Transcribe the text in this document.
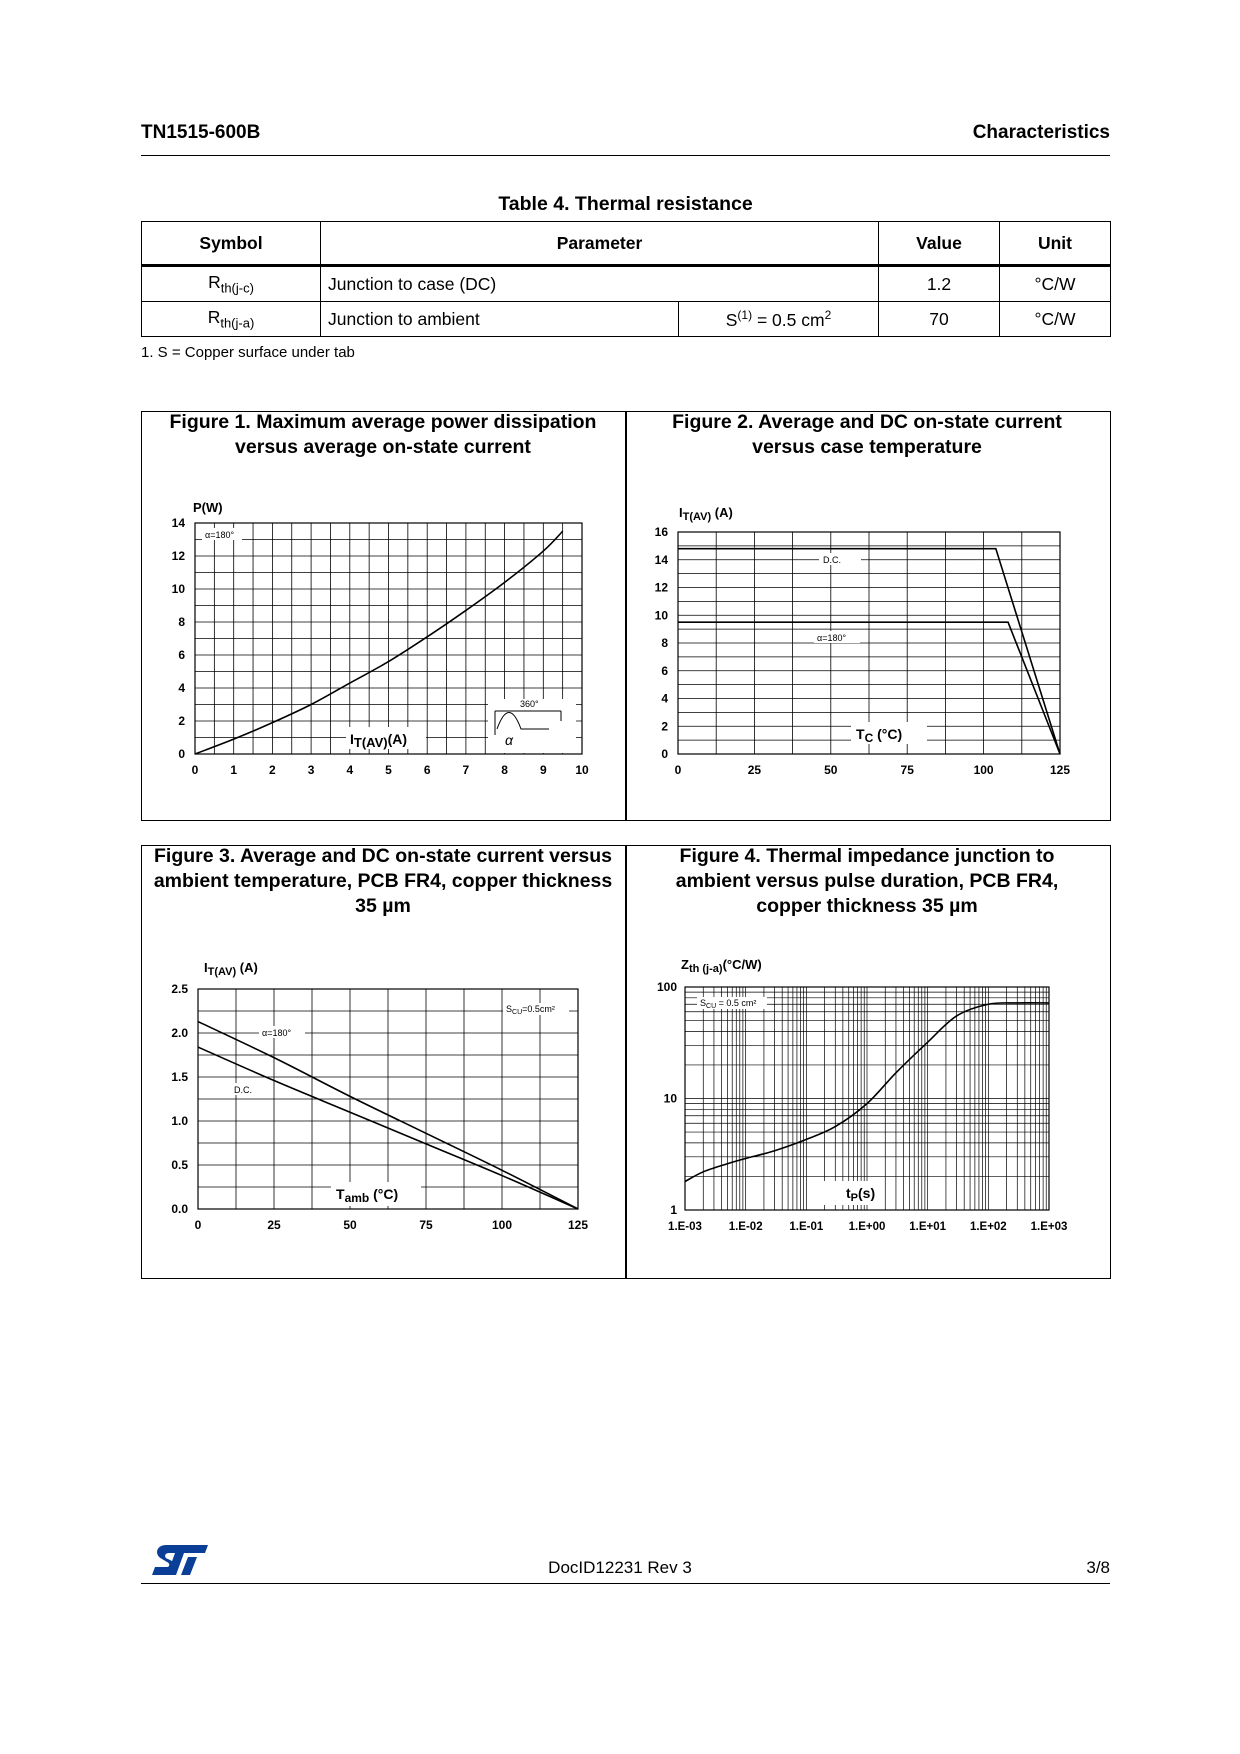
TN1515-600B	Characteristics
Table 4. Thermal resistance
Symbol	Parameter		Value	Unit
$R_{th(j-c)}$	Junction to case (DC)		1.2	°C/W
$R_{th(j-a)}$	Junction to ambient	$S^{(1)} = 0.5$ $cm^2$	70	°C/W
1. S = Copper surface under tab
Figure 1. Maximum average power dissipation versus average on-state current
Figure 2. Average and DC on-state current versus case temperature
Figure 3. Average and DC on-state current versus ambient temperature, PCB FR4, copper thickness 35 µm
Figure 4. Thermal impedance junction to ambient versus pulse duration, PCB FR4, copper thickness 35 µm
P(W)
0	1	2	3	4	5	6	7	8	9 10
0
2
4
6
8
10
12
14
IT(AV)(A)
α=180°
360°
α
$I_{T(AV)}$ (A)
0	25	50	75	100	125
0
2
4
6
8
10
12
14
16
D.C.
α=180°
TC (°C)
$I_{T(AV)}$ (A)
0	25	50	75	100	125
0.0
0.5
1.0
1.5
2.0
2.5
α=180°
D.C.
$S_{CU}=0.5cm^2$
Tamb (°C)
$Z_{th (j-a)}(^\circ C/W)$
1.E-03 1.E-02 1.E-01 1.E+00 1.E+01 1.E+02 1.E+03
1
10
100
$S_{CU} = 0.5$ cm²
$t_P(s)$
DocID12231 Rev 3	3/8
